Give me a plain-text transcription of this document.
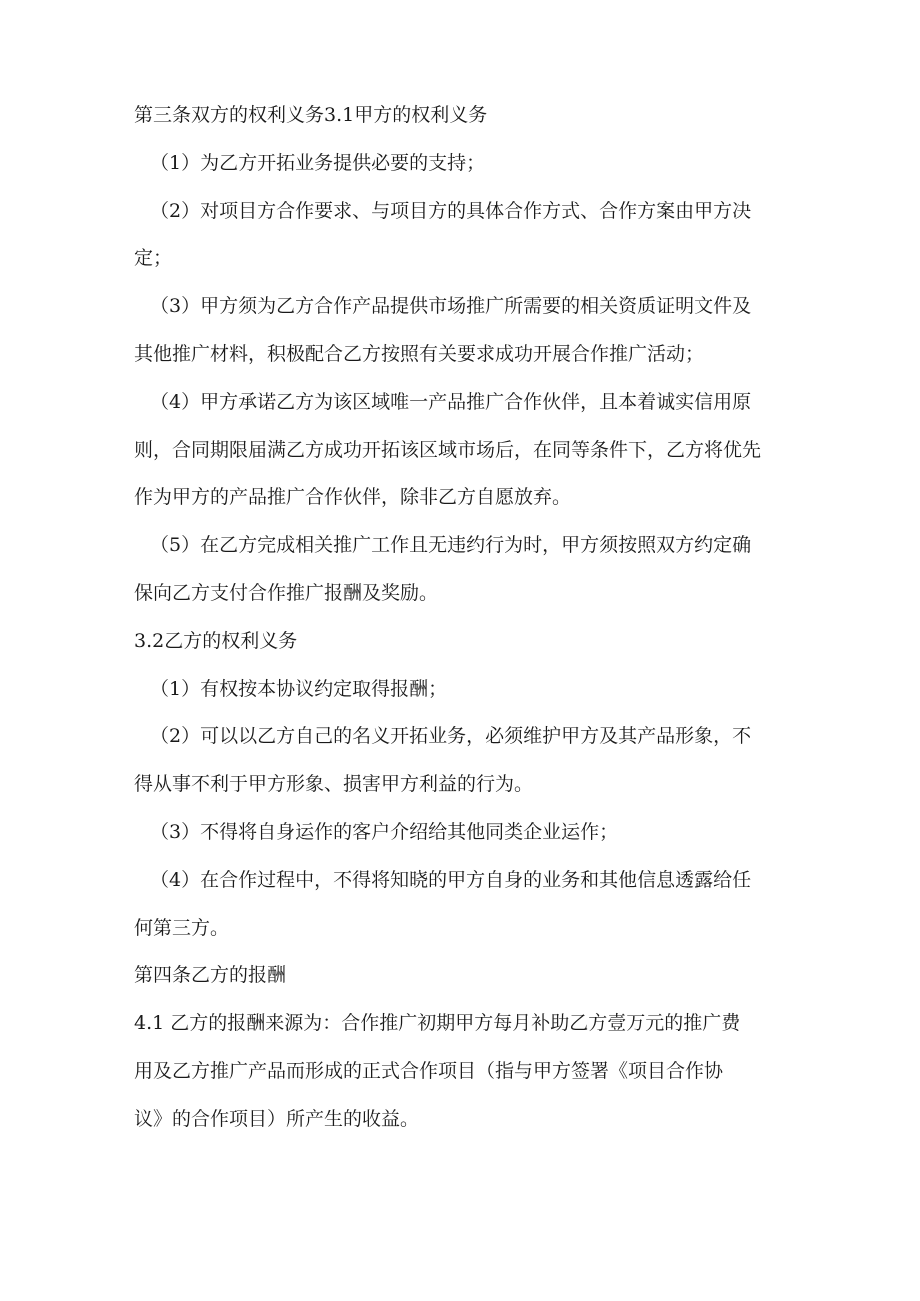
第三条双方的权利义务3.1甲方的权利义务

（1）为乙方开拓业务提供必要的支持；

（2）对项目方合作要求、与项目方的具体合作方式、合作方案由甲方决

定；

（3）甲方须为乙方合作产品提供市场推广所需要的相关资质证明文件及

其他推广材料，积极配合乙方按照有关要求成功开展合作推广活动；

（4）甲方承诺乙方为该区域唯一产品推广合作伙伴，且本着诚实信用原

则，合同期限届满乙方成功开拓该区域市场后，在同等条件下，乙方将优先

作为甲方的产品推广合作伙伴，除非乙方自愿放弃。

（5）在乙方完成相关推广工作且无违约行为时，甲方须按照双方约定确

保向乙方支付合作推广报酬及奖励。

3.2乙方的权利义务

（1）有权按本协议约定取得报酬；

（2）可以以乙方自己的名义开拓业务，必须维护甲方及其产品形象，不

得从事不利于甲方形象、损害甲方利益的行为。

（3）不得将自身运作的客户介绍给其他同类企业运作；

（4）在合作过程中，不得将知晓的甲方自身的业务和其他信息透露给任

何第三方。

第四条乙方的报酬

4.1 乙方的报酬来源为：合作推广初期甲方每月补助乙方壹万元的推广费

用及乙方推广产品而形成的正式合作项目（指与甲方签署《项目合作协

议》的合作项目）所产生的收益。
